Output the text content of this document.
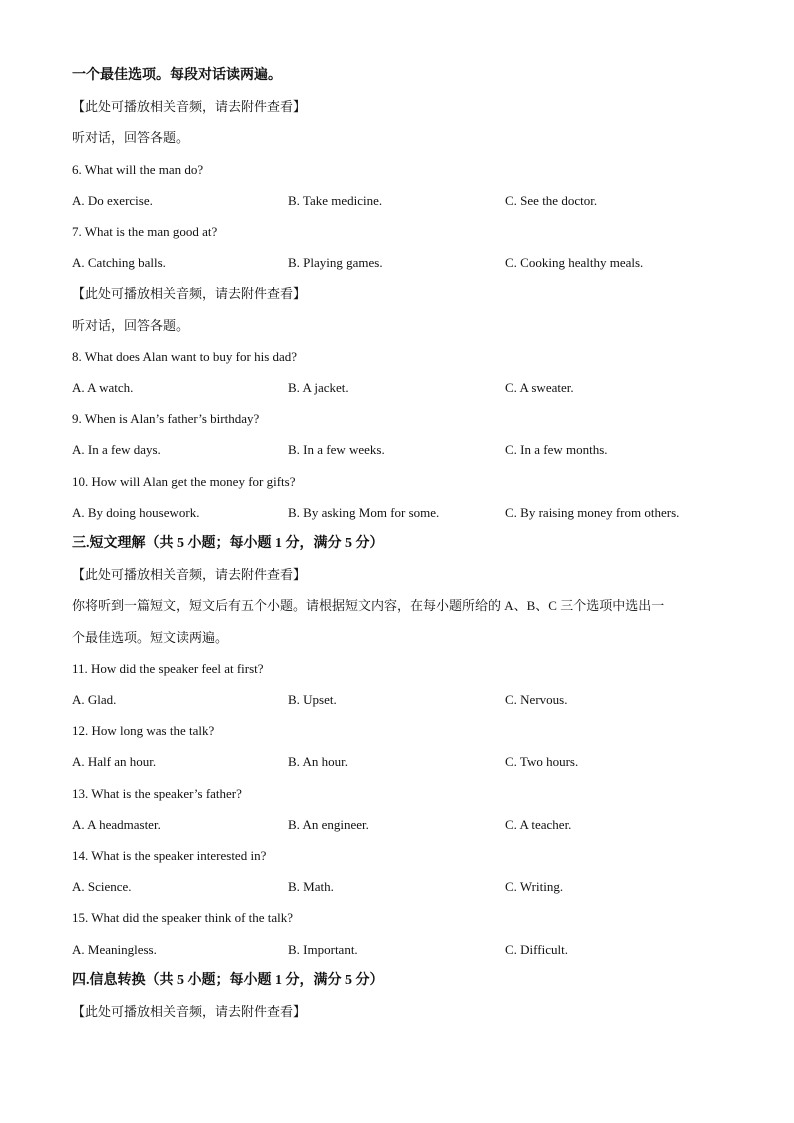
一个最佳选项。每段对话读两遍。
【此处可播放相关音频，请去附件查看】
听对话，回答各题。
6. What will the man do?
A. Do exercise.	B. Take medicine.	C. See the doctor.
7. What is the man good at?
A. Catching balls.	B. Playing games.	C. Cooking healthy meals.
【此处可播放相关音频，请去附件查看】
听对话，回答各题。
8. What does Alan want to buy for his dad?
A. A watch.	B. A jacket.	C. A sweater.
9. When is Alan’s father’s birthday?
A. In a few days.	B. In a few weeks.	C. In a few months.
10. How will Alan get the money for gifts?
A. By doing housework.	B. By asking Mom for some.	C. By raising money from others.
三.短文理解（共 5 小题；每小题 1 分，满分 5 分）
【此处可播放相关音频，请去附件查看】
你将听到一篇短文，短文后有五个小题。请根据短文内容，在每小题所给的 A、B、C 三个选项中选出一
个最佳选项。短文读两遍。
11. How did the speaker feel at first?
A. Glad.	B. Upset.	C. Nervous.
12. How long was the talk?
A. Half an hour.	B. An hour.	C. Two hours.
13. What is the speaker’s father?
A. A headmaster.	B. An engineer.	C. A teacher.
14. What is the speaker interested in?
A. Science.	B. Math.	C. Writing.
15. What did the speaker think of the talk?
A. Meaningless.	B. Important.	C. Difficult.
四.信息转换（共 5 小题；每小题 1 分，满分 5 分）
【此处可播放相关音频，请去附件查看】
